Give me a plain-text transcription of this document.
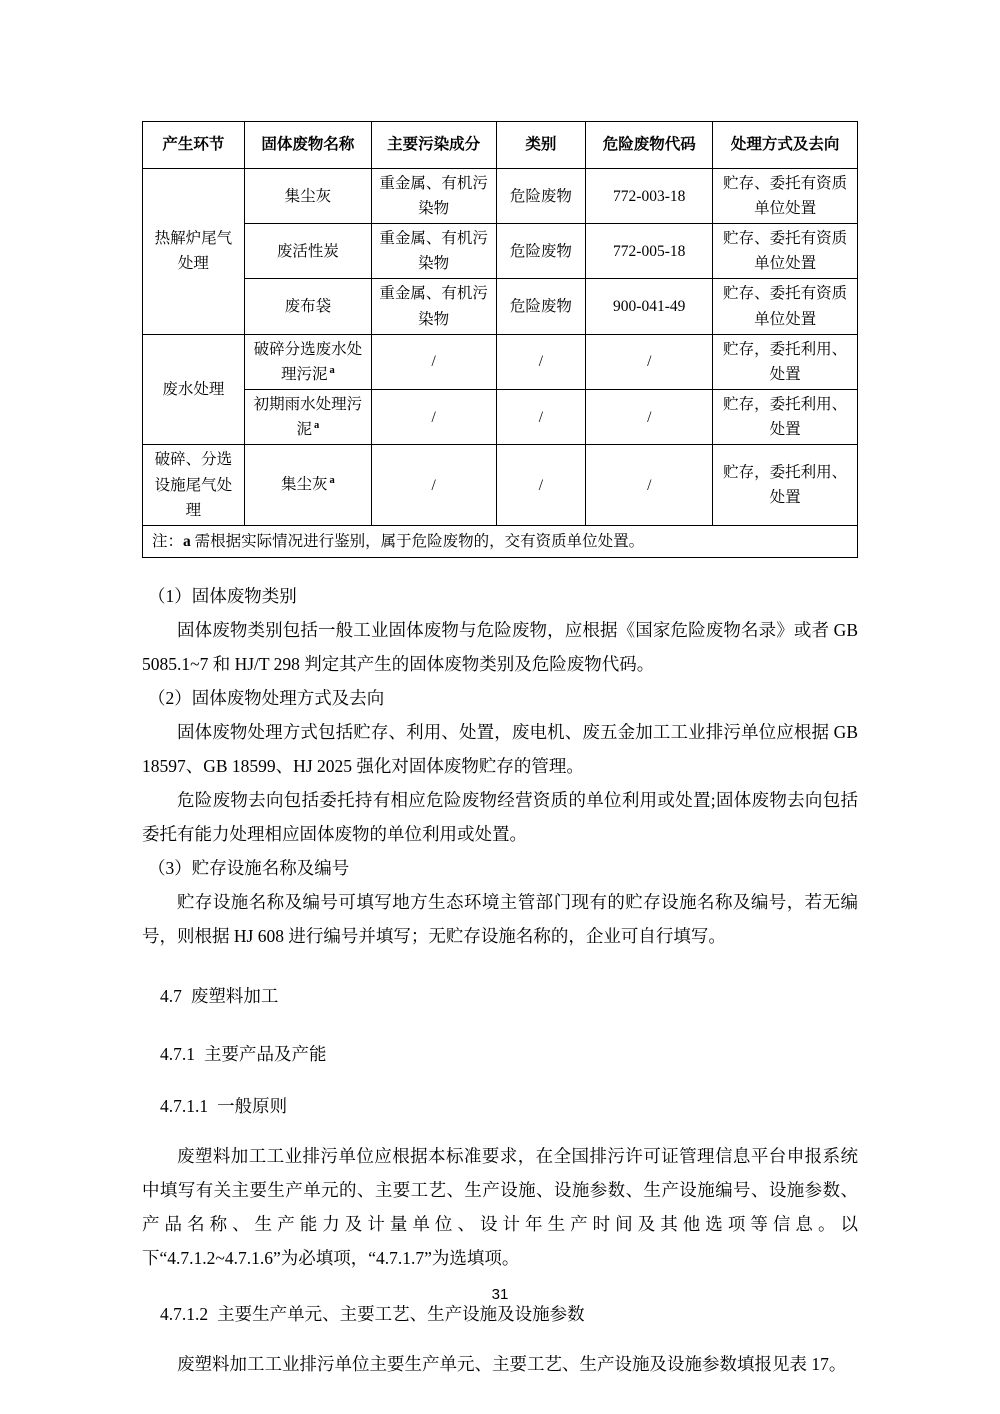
产生环节	固体废物名称	主要污染成分	类别	危险废物代码	处理方式及去向
热解炉尾气处理	集尘灰	重金属、有机污染物	危险废物	772-003-18	贮存、委托有资质单位处置
	废活性炭	重金属、有机污染物	危险废物	772-005-18	贮存、委托有资质单位处置
	废布袋	重金属、有机污染物	危险废物	900-041-49	贮存、委托有资质单位处置
废水处理	破碎分选废水处理污泥 $^a$	/	/	/	贮存，委托利用、处置
	初期雨水处理污泥 $^a$	/	/	/	贮存，委托利用、处置
破碎、分选设施尾气处理	集尘灰 $^a$	/	/	/	贮存，委托利用、处置
注：a 需根据实际情况进行鉴别，属于危险废物的，交有资质单位处置。					

（1）固体废物类别

固体废物类别包括一般工业固体废物与危险废物，应根据《国家危险废物名录》或者 GB 5085.1~7 和 HJ/T 298 判定其产生的固体废物类别及危险废物代码。

（2）固体废物处理方式及去向

固体废物处理方式包括贮存、利用、处置，废电机、废五金加工工业排污单位应根据 GB 18597、GB 18599、HJ 2025 强化对固体废物贮存的管理。

危险废物去向包括委托持有相应危险废物经营资质的单位利用或处置;固体废物去向包括委托有能力处理相应固体废物的单位利用或处置。

（3）贮存设施名称及编号

贮存设施名称及编号可填写地方生态环境主管部门现有的贮存设施名称及编号，若无编号，则根据 HJ 608 进行编号并填写；无贮存设施名称的，企业可自行填写。

4.7 废塑料加工
4.7.1 主要产品及产能
4.7.1.1 一般原则

废塑料加工工业排污单位应根据本标准要求，在全国排污许可证管理信息平台申报系统中填写有关主要生产单元的、主要工艺、生产设施、设施参数、生产设施编号、设施参数、产品名称、生产能力及计量单位、设计年生产时间及其他选项等信息。以下“4.7.1.2~4.7.1.6”为必填项，“4.7.1.7”为选填项。

4.7.1.2 主要生产单元、主要工艺、生产设施及设施参数

废塑料加工工业排污单位主要生产单元、主要工艺、生产设施及设施参数填报见表 17。

31
